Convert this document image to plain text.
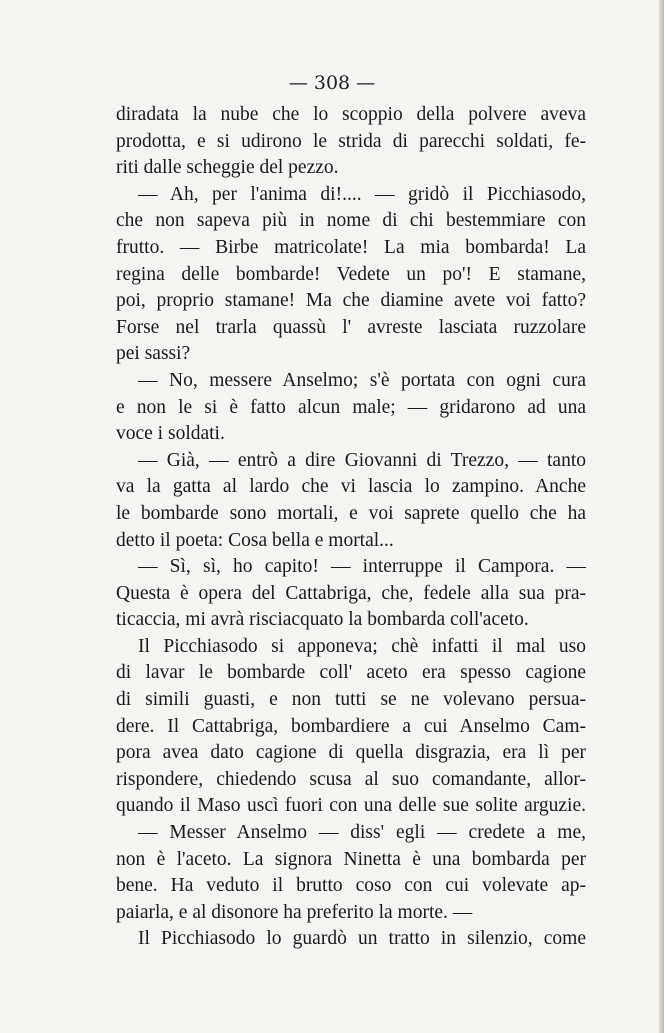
— 308 —
diradata la nube che lo scoppio della polvere aveva
prodotta, e si udirono le strida di parecchi soldati, fe-
riti dalle scheggie del pezzo.
— Ah, per l'anima di!.... — gridò il Picchiasodo,
che non sapeva più in nome di chi bestemmiare con
frutto. — Birbe matricolate! La mia bombarda! La
regina delle bombarde! Vedete un po'! E stamane,
poi, proprio stamane! Ma che diamine avete voi fatto?
Forse nel trarla quassù l' avreste lasciata ruzzolare
pei sassi?
— No, messere Anselmo; s'è portata con ogni cura
e non le si è fatto alcun male; — gridarono ad una
voce i soldati.
— Già, — entrò a dire Giovanni di Trezzo, — tanto
va la gatta al lardo che vi lascia lo zampino. Anche
le bombarde sono mortali, e voi saprete quello che ha
detto il poeta: Cosa bella e mortal...
— Sì, sì, ho capito! — interruppe il Campora. —
Questa è opera del Cattabriga, che, fedele alla sua pra-
ticaccia, mi avrà risciacquato la bombarda coll'aceto.
Il Picchiasodo si apponeva; chè infatti il mal uso
di lavar le bombarde coll' aceto era spesso cagione
di simili guasti, e non tutti se ne volevano persua-
dere. Il Cattabriga, bombardiere a cui Anselmo Cam-
pora avea dato cagione di quella disgrazia, era lì per
rispondere, chiedendo scusa al suo comandante, allor-
quando il Maso uscì fuori con una delle sue solite arguzie.
— Messer Anselmo — diss' egli — credete a me,
non è l'aceto. La signora Ninetta è una bombarda per
bene. Ha veduto il brutto coso con cui volevate ap-
paiarla, e al disonore ha preferito la morte. —
Il Picchiasodo lo guardò un tratto in silenzio, come
